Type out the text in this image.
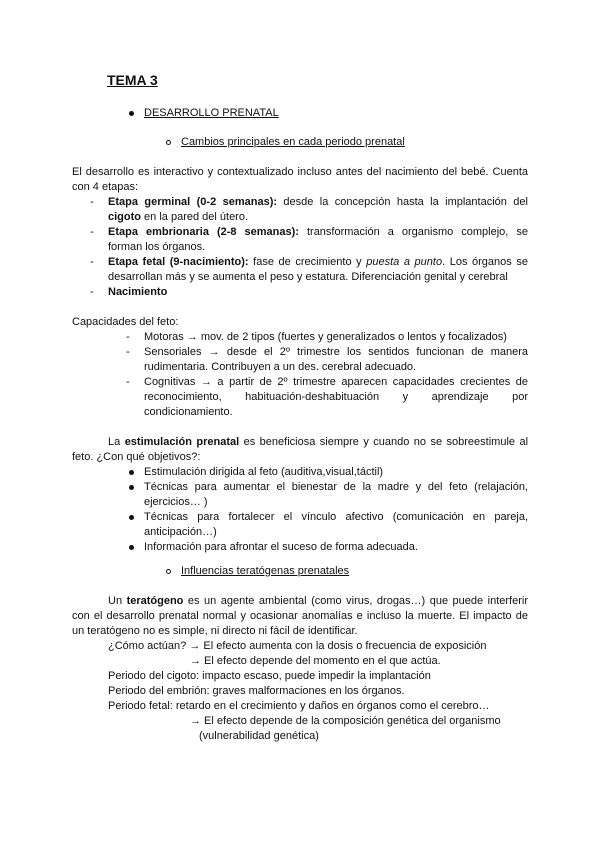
TEMA 3
DESARROLLO PRENATAL
Cambios principales en cada periodo prenatal
El desarrollo es interactivo y contextualizado incluso antes del nacimiento del bebé. Cuenta
con 4 etapas:
- Etapa germinal (0-2 semanas): desde la concepción hasta la implantación del
cigoto en la pared del útero.
- Etapa embrionaria (2-8 semanas): transformación a organismo complejo, se
forman los órganos.
- Etapa fetal (9-nacimiento): fase de crecimiento y puesta a punto. Los órganos se
desarrollan más y se aumenta el peso y estatura. Diferenciación genital y cerebral
- Nacimiento
Capacidades del feto:
- Motoras → mov. de 2 tipos (fuertes y generalizados o lentos y focalizados)
- Sensoriales → desde el 2º trimestre los sentidos funcionan de manera
rudimentaria. Contribuyen a un des. cerebral adecuado.
- Cognitivas → a partir de 2º trimestre aparecen capacidades crecientes de
reconocimiento, habituación-deshabituación y aprendizaje por
condicionamiento.
La estimulación prenatal es beneficiosa siempre y cuando no se sobreestimule al
feto. ¿Con qué objetivos?:
Estimulación dirigida al feto (auditiva,visual,táctil)
Técnicas para aumentar el bienestar de la madre y del feto (relajación,
ejercicios… )
Técnicas para fortalecer el vínculo afectivo (comunicación en pareja,
anticipación…)
Información para afrontar el suceso de forma adecuada.
Influencias teratógenas prenatales
Un teratógeno es un agente ambiental (como virus, drogas…) que puede interferir
con el desarrollo prenatal normal y ocasionar anomalías e incluso la muerte. El impacto de
un teratógeno no es simple, ni directo ni fácil de identificar.
¿Cómo actúan? → El efecto aumenta con la dosis o frecuencia de exposición
→ El efecto depende del momento en el que actúa.
Periodo del cigoto: impacto escaso, puede impedir la implantación
Periodo del embrión: graves malformaciones en los órganos.
Periodo fetal: retardo en el crecimiento y daños en órganos como el cerebro…
→ El efecto depende de la composición genética del organismo
(vulnerabilidad genética)
